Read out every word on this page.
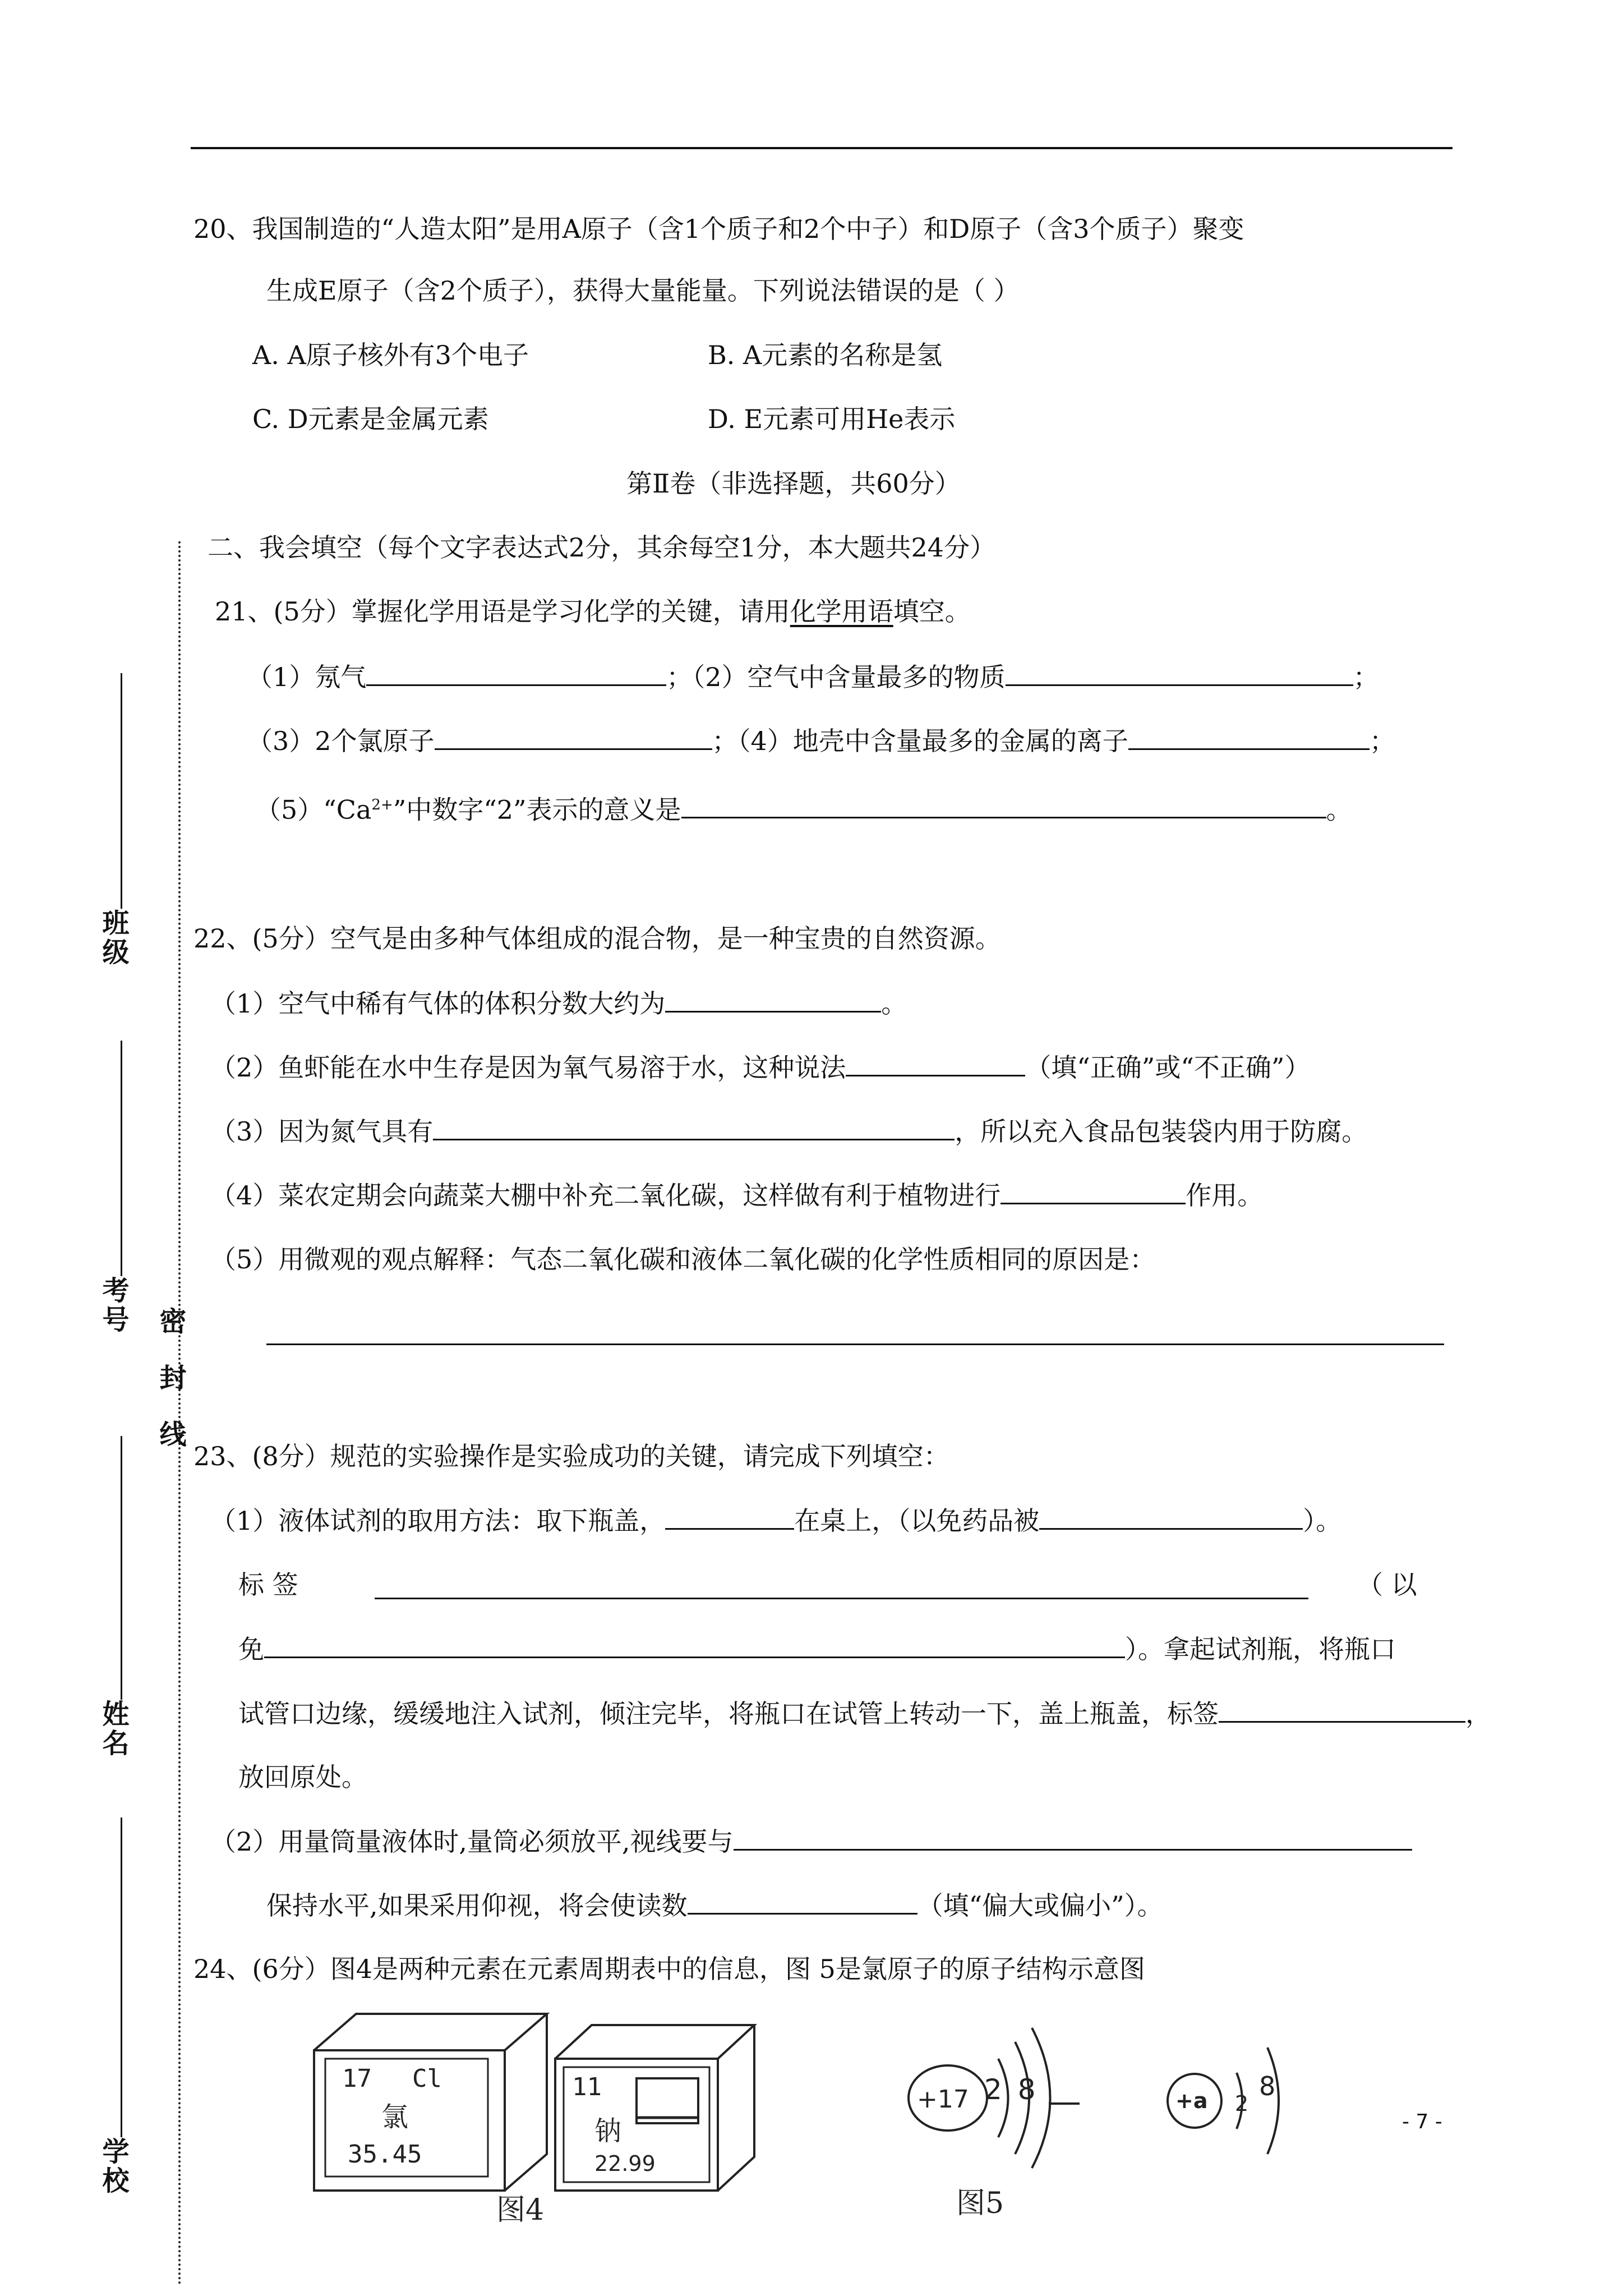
班级
考号
密 封 线
姓名
学校
20、我国制造的“人造太阳”是用A原子（含1个质子和2个中子）和D原子（含3个质子）聚变
生成E原子（含2个质子），获得大量能量。下列说法错误的是（ ）
A. A原子核外有3个电子	B. A元素的名称是氢
C. D元素是金属元素	D. E元素可用He表示
第Ⅱ卷（非选择题，共60分）
二、我会填空（每个文字表达式2分，其余每空1分，本大题共24分）
21、(5分）掌握化学用语是学习化学的关键，请用化学用语填空。
（1）氖气	；（2）空气中含量最多的物质	；
（3）2个氯原子	；（4）地壳中含量最多的金属的离子	；
$(5)“Ca^{2+}$”中数字“2”表示的意义是	。
22、(5分）空气是由多种气体组成的混合物，是一种宝贵的自然资源。
（1）空气中稀有气体的体积分数大约为	。
（2）鱼虾能在水中生存是因为氧气易溶于水，这种说法	（填“正确”或“不正确”）
（3）因为氮气具有	，所以充入食品包装袋内用于防腐。
（4）菜农定期会向蔬菜大棚中补充二氧化碳，这样做有利于植物进行	作用。
（5）用微观的观点解释：气态二氧化碳和液体二氧化碳的化学性质相同的原因是：
23、(8分）规范的实验操作是实验成功的关键，请完成下列填空：
（1）液体试剂的取用方法：取下瓶盖，	在桌上，（以免药品被	）。
标 签	（ 以
免	）。拿起试剂瓶，将瓶口
试管口边缘，缓缓地注入试剂，倾注完毕，将瓶口在试管上转动一下，盖上瓶盖，标签	，
放回原处。
（2）用量筒量液体时,量筒必须放平,视线要与
保持水平,如果采用仰视，将会使读数	（填“偏大或偏小”）。
24、(6分）图4是两种元素在元素周期表中的信息，图 5是氯原子的原子结构示意图
17 Cl
氯
35.45
11
钠
22.99
+17 2 8	+a 2
8
图4	图5
- 7 -
